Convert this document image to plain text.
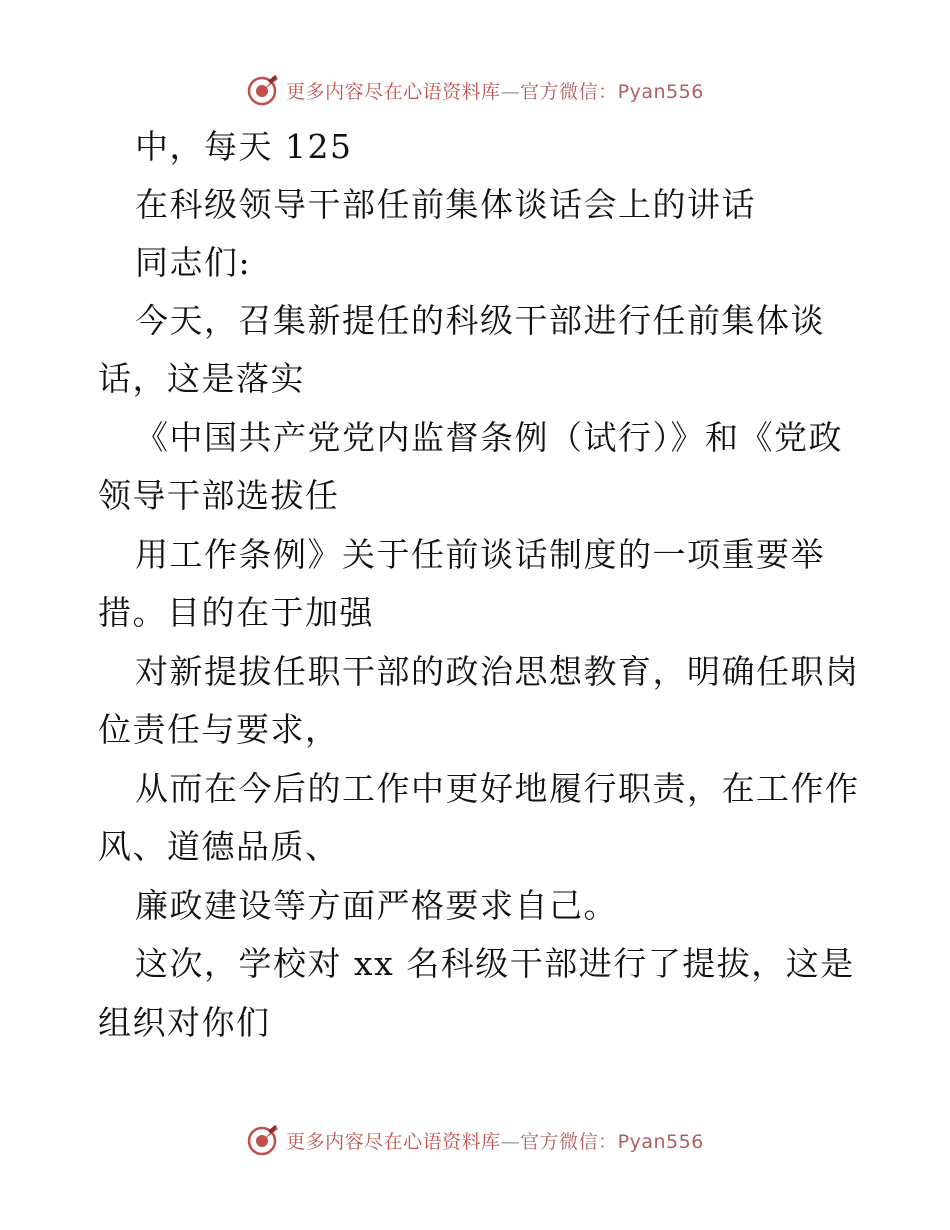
更多内容尽在心语资料库—官方微信：Pyan556
中，每天 125
在科级领导干部任前集体谈话会上的讲话
同志们:
今天，召集新提任的科级干部进行任前集体谈
话，这是落实
《中国共产党党内监督条例（试行）》和《党政
领导干部选拔任
用工作条例》关于任前谈话制度的一项重要举
措。目的在于加强
对新提拔任职干部的政治思想教育，明确任职岗
位责任与要求，
从而在今后的工作中更好地履行职责，在工作作
风、道德品质、
廉政建设等方面严格要求自己。
这次，学校对 xx 名科级干部进行了提拔，这是
组织对你们
更多内容尽在心语资料库—官方微信：Pyan556
